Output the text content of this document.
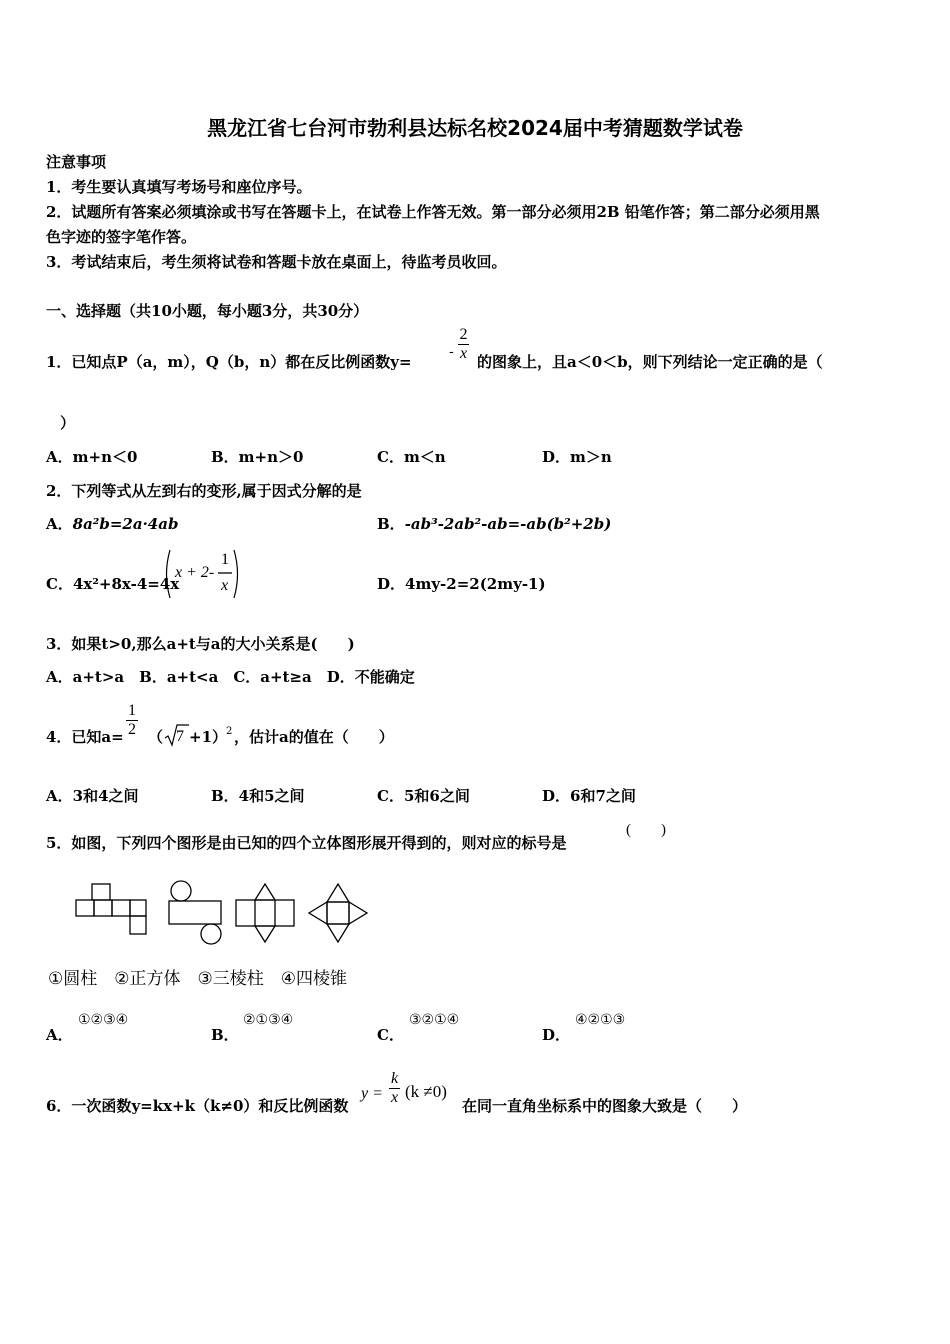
黑龙江省七台河市勃利县达标名校2024届中考猜题数学试卷
注意事项
1．考生要认真填写考场号和座位序号。
2．试题所有答案必须填涂或书写在答题卡上，在试卷上作答无效。第一部分必须用2B 铅笔作答；第二部分必须用黑
色字迹的签字笔作答。
3．考试结束后，考生须将试卷和答题卡放在桌面上，待监考员收回。
一、选择题（共10小题，每小题3分，共30分）
1．已知点P（a，m），Q（b，n）都在反比例函数y=
- $\frac{2}{x}$ 的图象上，且a＜0＜b，则下列结论一定正确的是（
）
A．m+n＜0	B．m+n＞0	C．m＜n	D．m＞n
2．下列等式从左到右的变形,属于因式分解的是
A．8a²b=2a·4ab	B．-ab³-2ab²-ab=-ab(b²+2b)
C．4x²+8x-4=4x
x + 2-
1
x	D．4my-2=2(2my-1)
3．如果t>0,那么a+t与a的大小关系是(　　)
A．a+t>a　B．a+t<a　C．a+t≥a　D．不能确定
4．已知$a= \frac{1}{2}$ （ 7 +1）
2 ，估计a的值在（　　）
A．3和4之间	B．4和5之间	C．5和6之间	D．6和7之间
5．如图，下列四个图形是由已知的四个立体图形展开得到的，则对应的标号是
(　　)
①圆柱　②正方体　③三棱柱　④四棱锥
A．
①②③④
B．
②①③④
C．
③②①④
D．
④②①③
6．一次函数y=kx+k（k≠0）和反比例函数
$y = \frac{k}{x} (k \ne 0)$
在同一直角坐标系中的图象大致是（　　）
